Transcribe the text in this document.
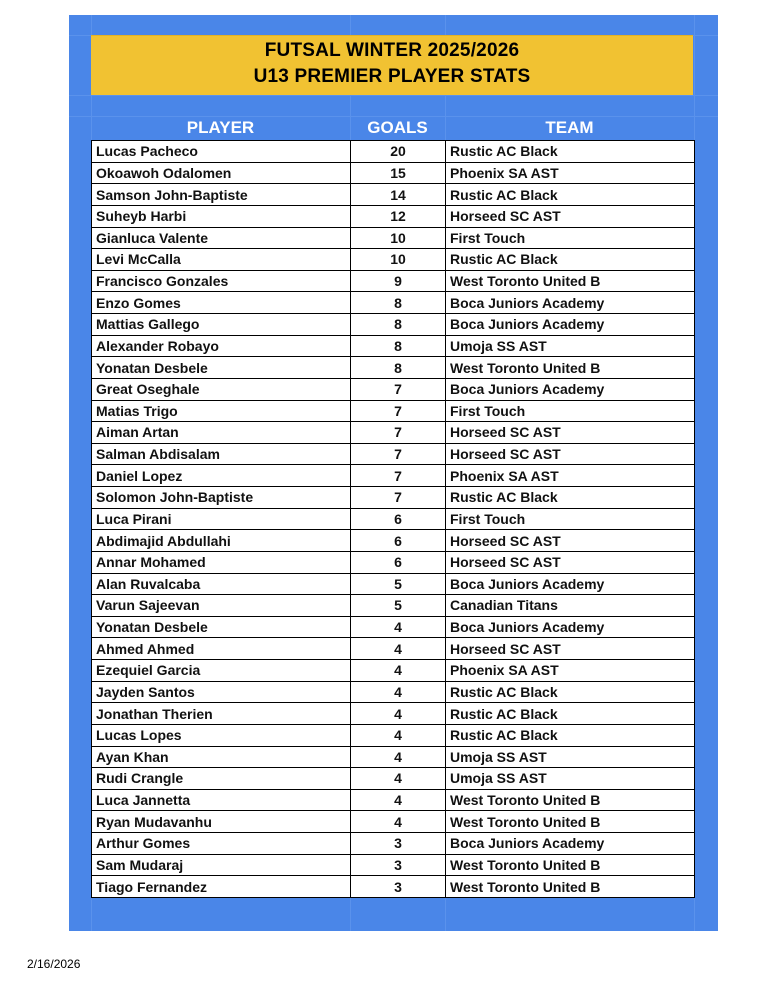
FUTSAL WINTER 2025/2026
U13 PREMIER PLAYER STATS
PLAYER	GOALS	TEAM
Lucas Pacheco	20	Rustic AC Black
Okoawoh Odalomen	15	Phoenix SA AST
Samson John-Baptiste	14	Rustic AC Black
Suheyb Harbi	12	Horseed SC AST
Gianluca Valente	10	First Touch
Levi McCalla	10	Rustic AC Black
Francisco Gonzales	9	West Toronto United B
Enzo Gomes	8	Boca Juniors Academy
Mattias Gallego	8	Boca Juniors Academy
Alexander Robayo	8	Umoja SS AST
Yonatan Desbele	8	West Toronto United B
Great Oseghale	7	Boca Juniors Academy
Matias Trigo	7	First Touch
Aiman Artan	7	Horseed SC AST
Salman Abdisalam	7	Horseed SC AST
Daniel Lopez	7	Phoenix SA AST
Solomon John-Baptiste	7	Rustic AC Black
Luca Pirani	6	First Touch
Abdimajid Abdullahi	6	Horseed SC AST
Annar Mohamed	6	Horseed SC AST
Alan Ruvalcaba	5	Boca Juniors Academy
Varun Sajeevan	5	Canadian Titans
Yonatan Desbele	4	Boca Juniors Academy
Ahmed Ahmed	4	Horseed SC AST
Ezequiel Garcia	4	Phoenix SA AST
Jayden Santos	4	Rustic AC Black
Jonathan Therien	4	Rustic AC Black
Lucas Lopes	4	Rustic AC Black
Ayan Khan	4	Umoja SS AST
Rudi Crangle	4	Umoja SS AST
Luca Jannetta	4	West Toronto United B
Ryan Mudavanhu	4	West Toronto United B
Arthur Gomes	3	Boca Juniors Academy
Sam Mudaraj	3	West Toronto United B
Tiago Fernandez	3	West Toronto United B
2/16/2026
